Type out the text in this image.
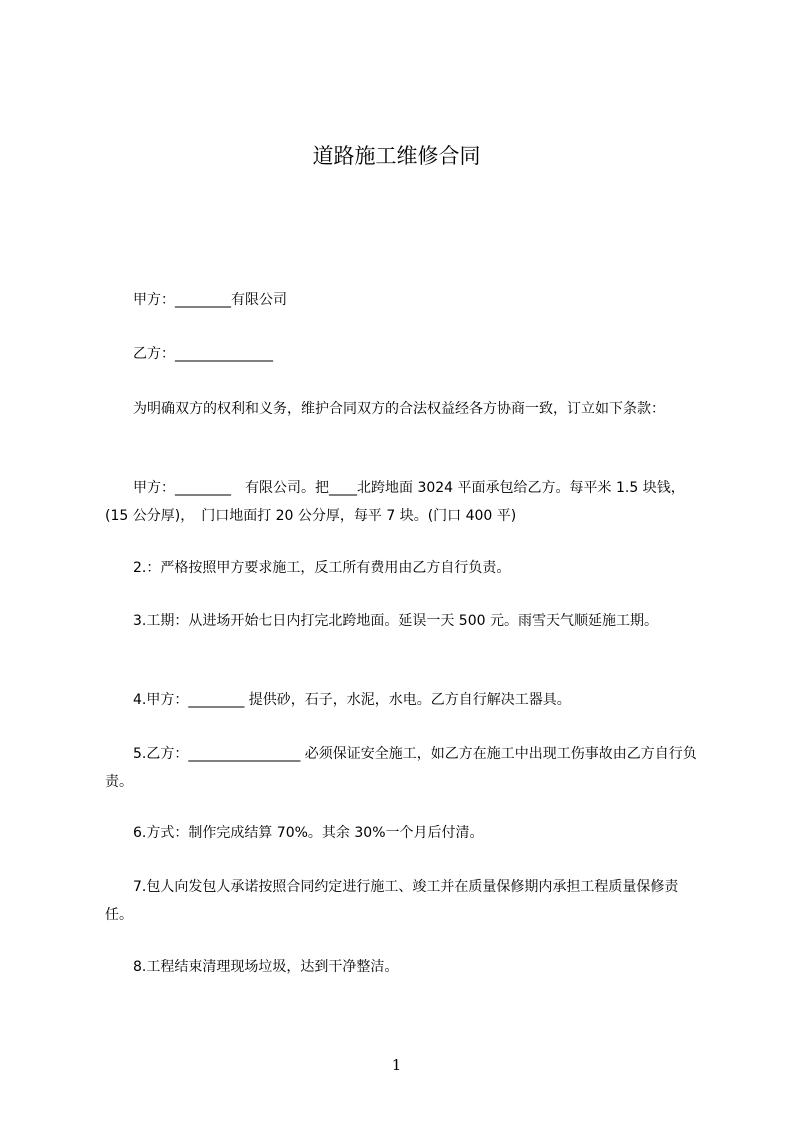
道路施工维修合同
　　甲方：________有限公司
　　乙方：______________
　　为明确双方的权利和义务，维护合同双方的合法权益经各方协商一致，订立如下条款：
　　甲方：________　有限公司。把____北跨地面 3024 平面承包给乙方。每平米 1.5 块钱，(15 公分厚)，　门口地面打 20 公分厚，每平 7 块。(门口 400 平)
　　2.：严格按照甲方要求施工，反工所有费用由乙方自行负责。
　　3.工期：从进场开始七日内打完北跨地面。延误一天 500 元。雨雪天气顺延施工期。
　　4.甲方：________ 提供砂，石子，水泥，水电。乙方自行解决工器具。
　　5.乙方：________________ 必须保证安全施工，如乙方在施工中出现工伤事故由乙方自行负责。
　　6.方式：制作完成结算 70%。其余 30%一个月后付清。
　　7.包人向发包人承诺按照合同约定进行施工、竣工并在质量保修期内承担工程质量保修责任。
　　8.工程结束清理现场垃圾，达到干净整洁。
1
